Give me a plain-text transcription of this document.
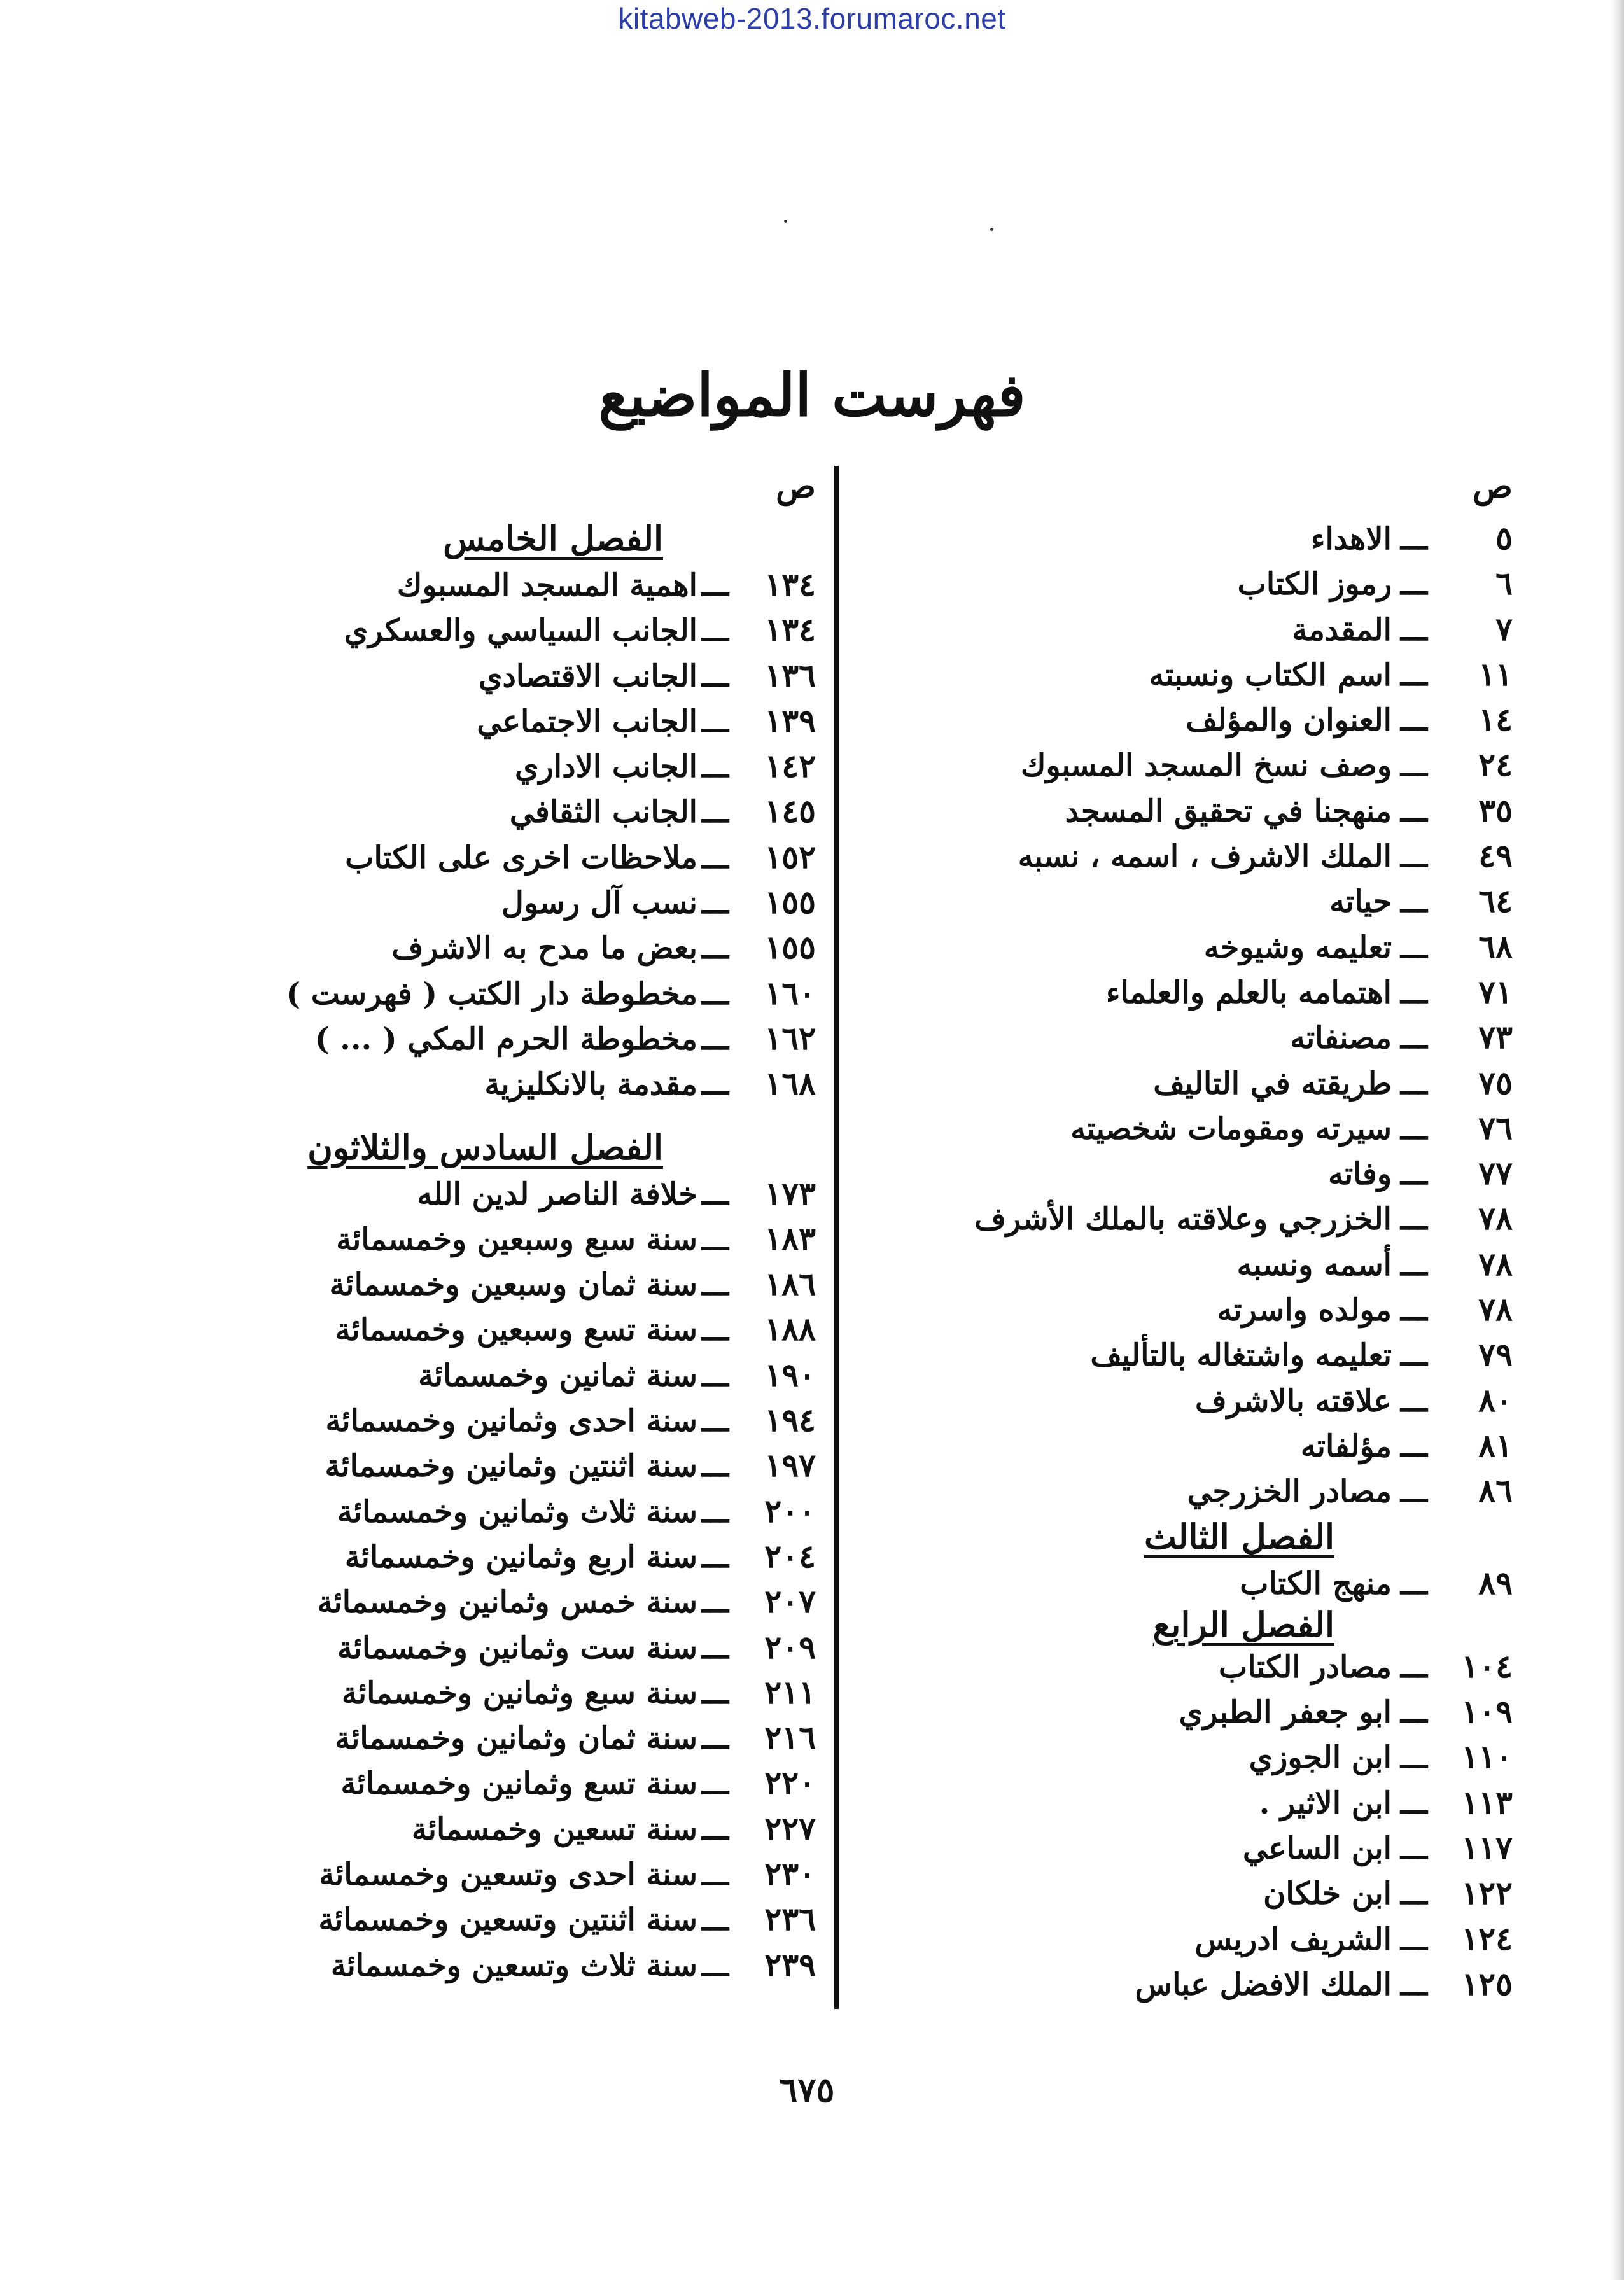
kitabweb-2013.forumaroc.net
فهرست المواضيع
ص
٥
ـــ
الاهداء
٦
ـــ
رموز الكتاب
٧
ـــ
المقدمة
١١
ـــ
اسم الكتاب ونسبته
١٤
ـــ
العنوان والمؤلف
٢٤
ـــ
وصف نسخ المسجد المسبوك
٣٥
ـــ
منهجنا في تحقيق المسجد
٤٩
ـــ
الملك الاشرف ، اسمه ، نسبه
٦٤
ـــ
حياته
٦٨
ـــ
تعليمه وشيوخه
٧١
ـــ
اهتمامه بالعلم والعلماء
٧٣
ـــ
مصنفاته
٧٥
ـــ
طريقته في التاليف
٧٦
ـــ
سيرته ومقومات شخصيته
٧٧
ـــ
وفاته
٧٨
ـــ
الخزرجي وعلاقته بالملك الأشرف
٧٨
ـــ
أسمه ونسبه
٧٨
ـــ
مولده واسرته
٧٩
ـــ
تعليمه واشتغاله بالتأليف
٨٠
ـــ
علاقته بالاشرف
٨١
ـــ
مؤلفاته
٨٦
ـــ
مصادر الخزرجي
الفصل الثالث
٨٩
ـــ
منهج الكتاب
الفصل الرابع
١٠٤
ـــ
مصادر الكتاب
١٠٩
ـــ
ابو جعفر الطبري
١١٠
ـــ
ابن الجوزي
١١٣
ـــ
ابن الاثير .
١١٧
ـــ
ابن الساعي
١٢٢
ـــ
ابن خلكان
١٢٤
ـــ
الشريف ادريس
١٢٥
ـــ
الملك الافضل عباس
ص
الفصل الخامس
١٣٤
ـــ
اهمية المسجد المسبوك
١٣٤
ـــ
الجانب السياسي والعسكري
١٣٦
ـــ
الجانب الاقتصادي
١٣٩
ـــ
الجانب الاجتماعي
١٤٢
ـــ
الجانب الاداري
١٤٥
ـــ
الجانب الثقافي
١٥٢
ـــ
ملاحظات اخرى على الكتاب
١٥٥
ـــ
نسب آل رسول
١٥٥
ـــ
بعض ما مدح به الاشرف
١٦٠
ـــ
مخطوطة دار الكتب ( فهرست )
١٦٢
ـــ
مخطوطة الحرم المكي ( ... )
١٦٨
ـــ
مقدمة بالانكليزية
الفصل السادس والثلاثون
١٧٣
ـــ
خلافة الناصر لدين الله
١٨٣
ـــ
سنة سبع وسبعين وخمسمائة
١٨٦
ـــ
سنة ثمان وسبعين وخمسمائة
١٨٨
ـــ
سنة تسع وسبعين وخمسمائة
١٩٠
ـــ
سنة ثمانين وخمسمائة
١٩٤
ـــ
سنة احدى وثمانين وخمسمائة
١٩٧
ـــ
سنة اثنتين وثمانين وخمسمائة
٢٠٠
ـــ
سنة ثلاث وثمانين وخمسمائة
٢٠٤
ـــ
سنة اربع وثمانين وخمسمائة
٢٠٧
ـــ
سنة خمس وثمانين وخمسمائة
٢٠٩
ـــ
سنة ست وثمانين وخمسمائة
٢١١
ـــ
سنة سبع وثمانين وخمسمائة
٢١٦
ـــ
سنة ثمان وثمانين وخمسمائة
٢٢٠
ـــ
سنة تسع وثمانين وخمسمائة
٢٢٧
ـــ
سنة تسعين وخمسمائة
٢٣٠
ـــ
سنة احدى وتسعين وخمسمائة
٢٣٦
ـــ
سنة اثنتين وتسعين وخمسمائة
٢٣٩
ـــ
سنة ثلاث وتسعين وخمسمائة
٦٧٥
